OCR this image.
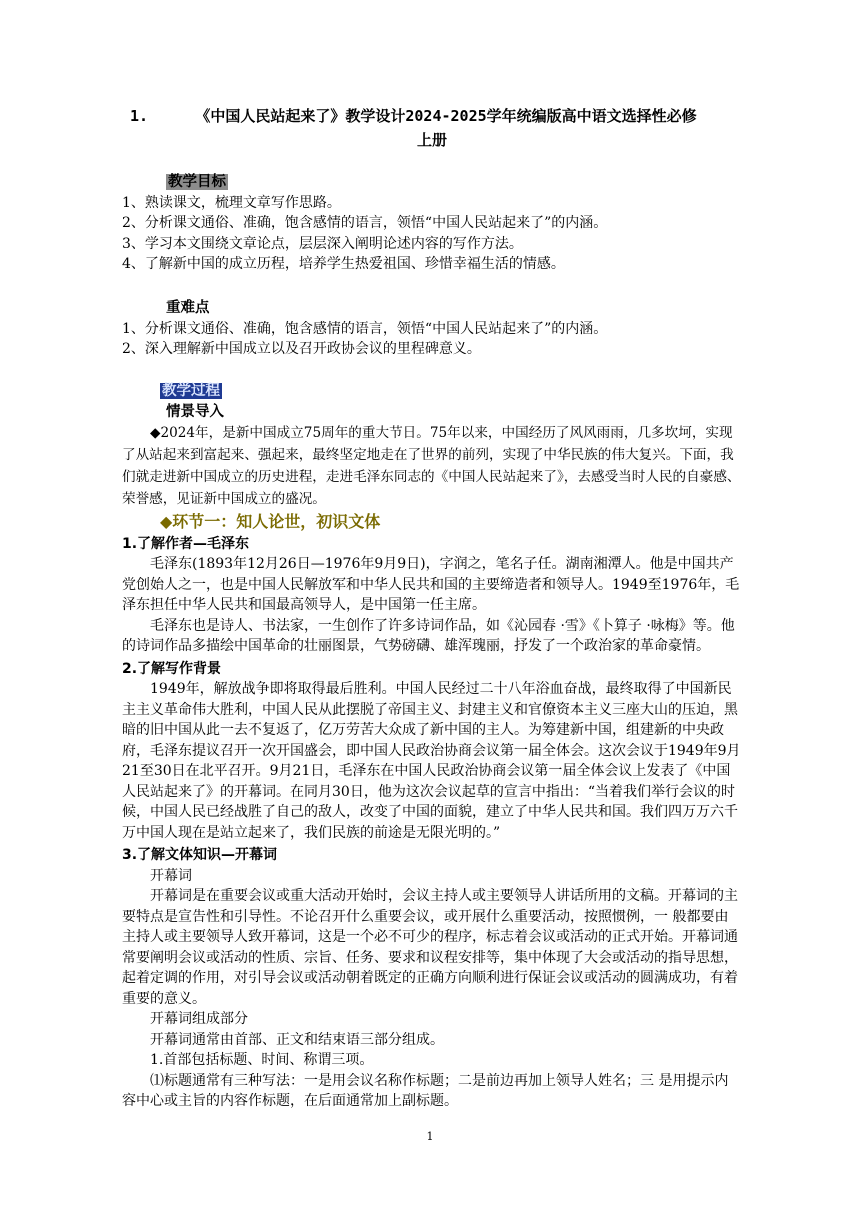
1.	《中国人民站起来了》教学设计2024-2025学年统编版高中语文选择性必修
上册

教学目标

1、熟读课文，梳理文章写作思路。

2、分析课文通俗、准确，饱含感情的语言，领悟“中国人民站起来了”的内涵。

3、学习本文围绕文章论点，层层深入阐明论述内容的写作方法。

4、了解新中国的成立历程，培养学生热爱祖国、珍惜幸福生活的情感。

重难点

1、分析课文通俗、准确，饱含感情的语言，领悟“中国人民站起来了”的内涵。

2、深入理解新中国成立以及召开政协会议的里程碑意义。

教学过程

情景导入

◆2024年，是新中国成立75周年的重大节日。75年以来，中国经历了风风雨雨，几多坎坷，实现了从站起来到富起来、强起来，最终坚定地走在了世界的前列，实现了中华民族的伟大复兴。下面，我们就走进新中国成立的历史进程，走进毛泽东同志的《中国人民站起来了》，去感受当时人民的自豪感、荣誉感，见证新中国成立的盛况。

◆环节一：知人论世，初识文体

1.了解作者—毛泽东

毛泽东(1893年12月26日—1976年9月9日)，字润之，笔名子任。湖南湘潭人。他是中国共产党创始人之一，也是中国人民解放军和中华人民共和国的主要缔造者和领导人。1949至1976年，毛泽东担任中华人民共和国最高领导人，是中国第一任主席。

毛泽东也是诗人、书法家，一生创作了许多诗词作品，如《沁园春 ·雪》《卜算子 ·咏梅》等。他的诗词作品多描绘中国革命的壮丽图景，气势磅礴、雄浑瑰丽，抒发了一个政治家的革命豪情。

2.了解写作背景

1949年，解放战争即将取得最后胜利。中国人民经过二十八年浴血奋战，最终取得了中国新民主主义革命伟大胜利，中国人民从此摆脱了帝国主义、封建主义和官僚资本主义三座大山的压迫，黑暗的旧中国从此一去不复返了，亿万劳苦大众成了新中国的主人。为筹建新中国，组建新的中央政府，毛泽东提议召开一次开国盛会，即中国人民政治协商会议第一届全体会。这次会议于1949年9月21至30日在北平召开。9月21日，毛泽东在中国人民政治协商会议第一届全体会议上发表了《中国人民站起来了》的开幕词。在同月30日，他为这次会议起草的宣言中指出：“当着我们举行会议的时候，中国人民已经战胜了自己的敌人，改变了中国的面貌，建立了中华人民共和国。我们四万万六千万中国人现在是站立起来了，我们民族的前途是无限光明的。”

3.了解文体知识—开幕词

开幕词

开幕词是在重要会议或重大活动开始时，会议主持人或主要领导人讲话所用的文稿。开幕词的主要特点是宣告性和引导性。不论召开什么重要会议，或开展什么重要活动，按照惯例，一 般都要由主持人或主要领导人致开幕词，这是一个必不可少的程序，标志着会议或活动的正式开始。开幕词通常要阐明会议或活动的性质、宗旨、任务、要求和议程安排等，集中体现了大会或活动的指导思想，起着定调的作用，对引导会议或活动朝着既定的正确方向顺利进行保证会议或活动的圆满成功，有着重要的意义。

开幕词组成部分

开幕词通常由首部、正文和结束语三部分组成。

1.首部包括标题、时间、称谓三项。

⑴标题通常有三种写法：一是用会议名称作标题；二是前边再加上领导人姓名；三 是用提示内容中心或主旨的内容作标题，在后面通常加上副标题。

1
